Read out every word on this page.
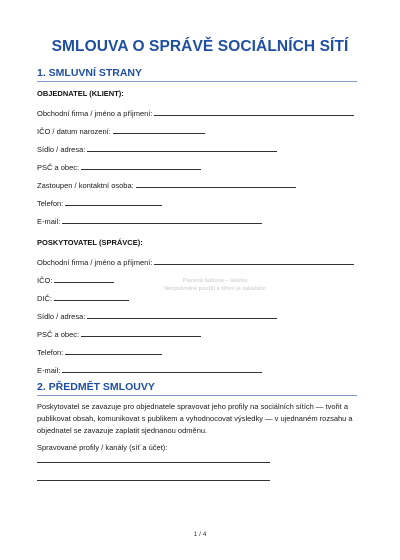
SMLOUVA O SPRÁVĚ SOCIÁLNÍCH SÍTÍ
1. SMLUVNÍ STRANY
OBJEDNATEL (KLIENT):
Obchodní firma / jméno a příjmení:
IČO / datum narození:
Sídlo / adresa:
PSČ a obec:
Zastoupen / kontaktní osoba:
Telefon:
E-mail:
POSKYTOVATEL (SPRÁVCE):
Obchodní firma / jméno a příjmení:
IČO:
DIČ:
Sídlo / adresa:
PSČ a obec:
Telefon:
E-mail:
2. PŘEDMĚT SMLOUVY
Poskytovatel se zavazuje pro objednatele spravovat jeho profily na sociálních sítích — tvořit a publikovat obsah, komunikovat s publikem a vyhodnocovat výsledky — v ujednaném rozsahu a objednatel se zavazuje zaplatit sjednanou odměnu.
Spravované profily / kanály (síť a účet):
Placená šablona – ukázka
Neoprávněné použití a šíření je zakázáno
1 / 4
